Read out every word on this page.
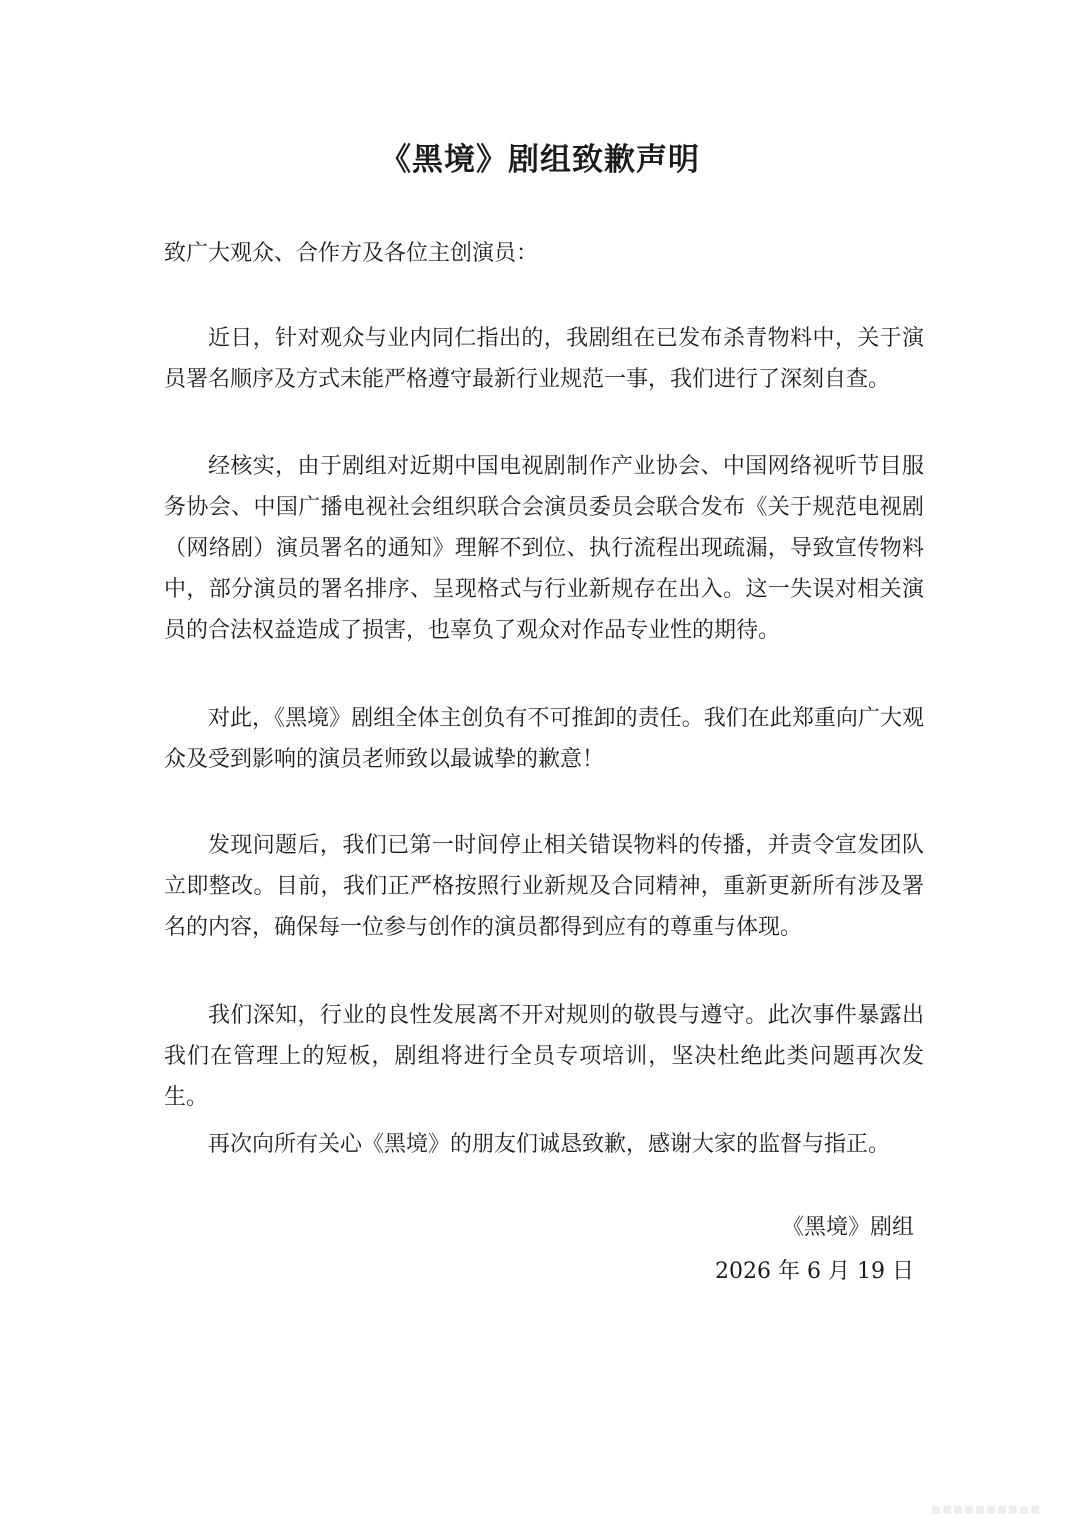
《黑境》剧组致歉声明

致广大观众、合作方及各位主创演员：

近日，针对观众与业内同仁指出的，我剧组在已发布杀青物料中，关于演员署名顺序及方式未能严格遵守最新行业规范一事，我们进行了深刻自查。

经核实，由于剧组对近期中国电视剧制作产业协会、中国网络视听节目服务协会、中国广播电视社会组织联合会演员委员会联合发布《关于规范电视剧（网络剧）演员署名的通知》理解不到位、执行流程出现疏漏，导致宣传物料中，部分演员的署名排序、呈现格式与行业新规存在出入。这一失误对相关演员的合法权益造成了损害，也辜负了观众对作品专业性的期待。

对此，《黑境》剧组全体主创负有不可推卸的责任。我们在此郑重向广大观众及受到影响的演员老师致以最诚挚的歉意！

发现问题后，我们已第一时间停止相关错误物料的传播，并责令宣发团队立即整改。目前，我们正严格按照行业新规及合同精神，重新更新所有涉及署名的内容，确保每一位参与创作的演员都得到应有的尊重与体现。

我们深知，行业的良性发展离不开对规则的敬畏与遵守。此次事件暴露出我们在管理上的短板，剧组将进行全员专项培训，坚决杜绝此类问题再次发生。

再次向所有关心《黑境》的朋友们诚恳致歉，感谢大家的监督与指正。

《黑境》剧组

2026 年 6 月 19 日
